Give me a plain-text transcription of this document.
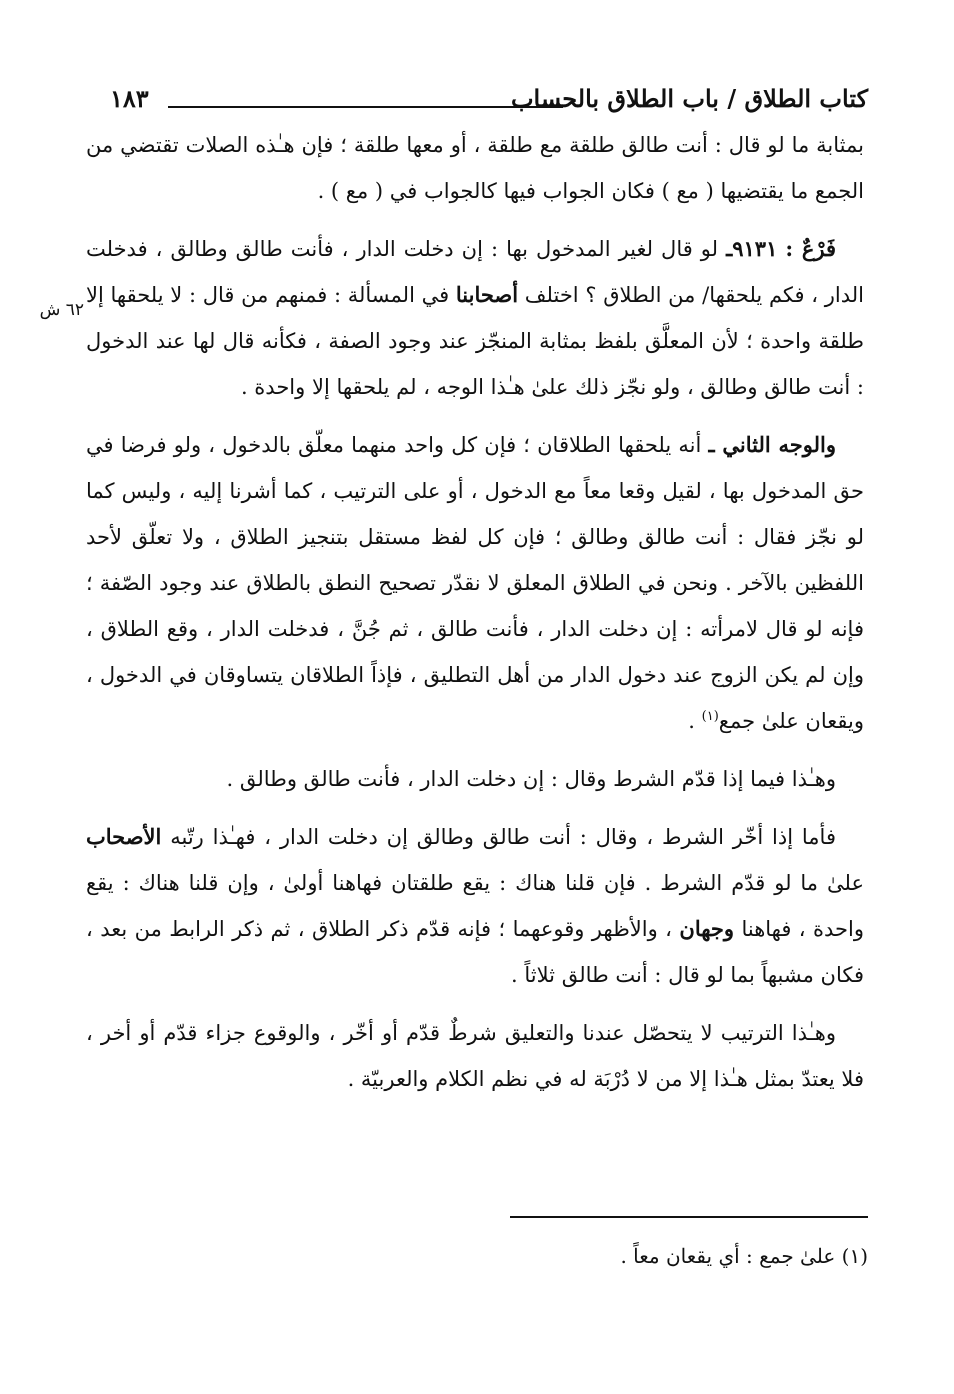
كتاب الطلاق / باب الطلاق بالحساب
١٨٣
٦٢ ش

بمثابة ما لو قال : أنت طالق طلقة مع طلقة ، أو معها طلقة ؛ فإن هـٰذه الصلات تقتضي من الجمع ما يقتضيها ( مع ) فكان الجواب فيها كالجواب في ( مع ) .

فَرْعٌ : ٩١٣١ـ لو قال لغير المدخول بها : إن دخلت الدار ، فأنت طالق وطالق ، فدخلت الدار ، فكم يلحقها/ من الطلاق ؟ اختلف أصحابنا في المسألة : فمنهم من قال : لا يلحقها إلا طلقة واحدة ؛ لأن المعلَّق بلفظ بمثابة المنجّز عند وجود الصفة ، فكأنه قال لها عند الدخول : أنت طالق وطالق ، ولو نجّز ذلك علىٰ هـٰذا الوجه ، لم يلحقها إلا واحدة .

والوجه الثاني ـ أنه يلحقها الطلاقان ؛ فإن كل واحد منهما معلّق بالدخول ، ولو فرضا في حق المدخول بها ، لقيل وقعا معاً مع الدخول ، أو على الترتيب ، كما أشرنا إليه ، وليس كما لو نجّز فقال : أنت طالق وطالق ؛ فإن كل لفظ مستقل بتنجيز الطلاق ، ولا تعلّق لأحد اللفظين بالآخر . ونحن في الطلاق المعلق لا نقدّر تصحيح النطق بالطلاق عند وجود الصّفة ؛ فإنه لو قال لامرأته : إن دخلت الدار ، فأنت طالق ، ثم جُنَّ ، فدخلت الدار ، وقع الطلاق ، وإن لم يكن الزوج عند دخول الدار من أهل التطليق ، فإذاً الطلاقان يتساوقان في الدخول ، ويقعان علىٰ جمع$^{(١)}$ .

وهـٰذا فيما إذا قدّم الشرط وقال : إن دخلت الدار ، فأنت طالق وطالق .

فأما إذا أخّر الشرط ، وقال : أنت طالق وطالق إن دخلت الدار ، فهـٰذا رتّبه الأصحاب علىٰ ما لو قدّم الشرط . فإن قلنا هناك : يقع طلقتان فهاهنا أولىٰ ، وإن قلنا هناك : يقع واحدة ، فهاهنا وجهان ، والأظهر وقوعهما ؛ فإنه قدّم ذكر الطلاق ، ثم ذكر الرابط من بعد ، فكان مشبهاً بما لو قال : أنت طالق ثلاثاً .

وهـٰذا الترتيب لا يتحصّل عندنا والتعليق شرطٌ قدّم أو أخّر ، والوقوع جزاء قدّم أو أخر ، فلا يعتدّ بمثل هـٰذا إلا من لا دُرْبَة له في نظم الكلام والعربيّة .

(١) علىٰ جمع : أي يقعان معاً .
